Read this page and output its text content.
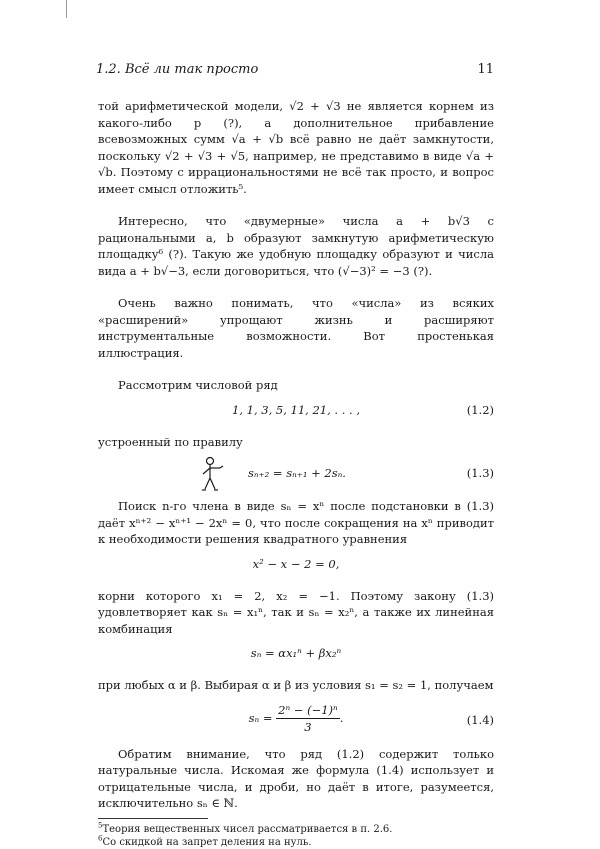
1.2. Всё ли так просто	11

той арифметической модели, √2 + √3 не является корнем из какого-либо p (?), а дополнительное прибавление всевозможных сумм √a + √b всё равно не даёт замкнутости, поскольку √2 + √3 + √5, например, не представимо в виде √a + √b. Поэтому с иррациональностями не всё так просто, и вопрос имеет смысл отложить⁵.

Интересно, что «двумерные» числа a + b√3 с рациональными a, b образуют замкнутую арифметическую площадку⁶ (?). Такую же удобную площадку образуют и числа вида a + b√−3, если договориться, что (√−3)² = −3 (?).

Очень важно понимать, что «числа» из всяких «расширений» упрощают жизнь и расширяют инструментальные возможности. Вот простенькая иллюстрация.

Рассмотрим числовой ряд

1, 1, 3, 5, 11, 21, . . . ,	(1.2)

устроенный по правилу

sₙ₊₂ = sₙ₊₁ + 2sₙ.	(1.3)

Поиск n-го члена в виде sₙ = xⁿ после подстановки в (1.3) даёт xⁿ⁺² − xⁿ⁺¹ − 2xⁿ = 0, что после сокращения на xⁿ приводит к необходимости решения квадратного уравнения

x² − x − 2 = 0,

корни которого x₁ = 2, x₂ = −1. Поэтому закону (1.3) удовлетворяет как sₙ = x₁ⁿ, так и sₙ = x₂ⁿ, а также их линейная комбинация

sₙ = αx₁ⁿ + βx₂ⁿ

при любых α и β. Выбирая α и β из условия s₁ = s₂ = 1, получаем

$s_n = \frac{\text{2ⁿ − (−1)ⁿ}}{3}$ .	(1.4)

Обратим внимание, что ряд (1.2) содержит только натуральные числа. Искомая же формула (1.4) использует и отрицательные числа, и дроби, но даёт в итоге, разумеется, исключительно sₙ ∈ ℕ.

$^5$Теория вещественных чисел рассматривается в п. 2.6.

$^6$Со скидкой на запрет деления на нуль.
